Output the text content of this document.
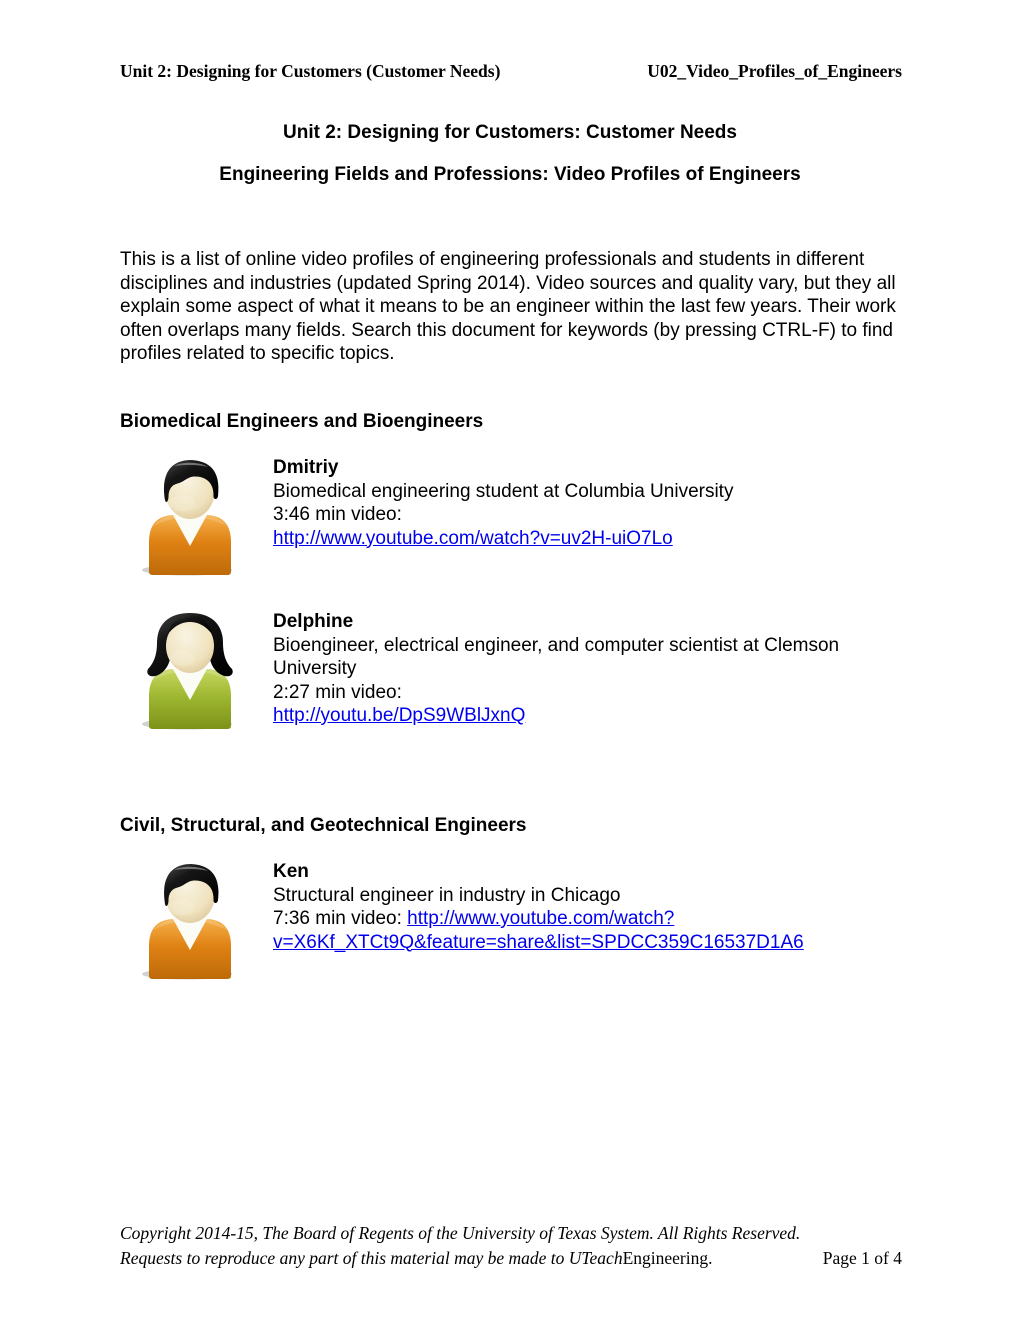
Unit 2: Designing for Customers (Customer Needs)	U02_Video_Profiles_of_Engineers
Unit 2: Designing for Customers: Customer Needs
Engineering Fields and Professions: Video Profiles of Engineers
This is a list of online video profiles of engineering professionals and students in different disciplines and industries (updated Spring 2014). Video sources and quality vary, but they all explain some aspect of what it means to be an engineer within the last few years. Their work often overlaps many fields. Search this document for keywords (by pressing CTRL-F) to find profiles related to specific topics.
Biomedical Engineers and Bioengineers
Dmitriy
Biomedical engineering student at Columbia University
3:46 min video:
http://www.youtube.com/watch?v=uv2H-uiO7Lo
Delphine
Bioengineer, electrical engineer, and computer scientist at Clemson University
2:27 min video:
http://youtu.be/DpS9WBlJxnQ
Civil, Structural, and Geotechnical Engineers
Ken
Structural engineer in industry in Chicago
7:36 min video: http://www.youtube.com/watch?
v=X6Kf_XTCt9Q&feature=share&list=SPDCC359C16537D1A6
Copyright 2014-15, The Board of Regents of the University of Texas System. All Rights Reserved.
Requests to reproduce any part of this material may be made to UTeachEngineering.	Page 1 of 4
